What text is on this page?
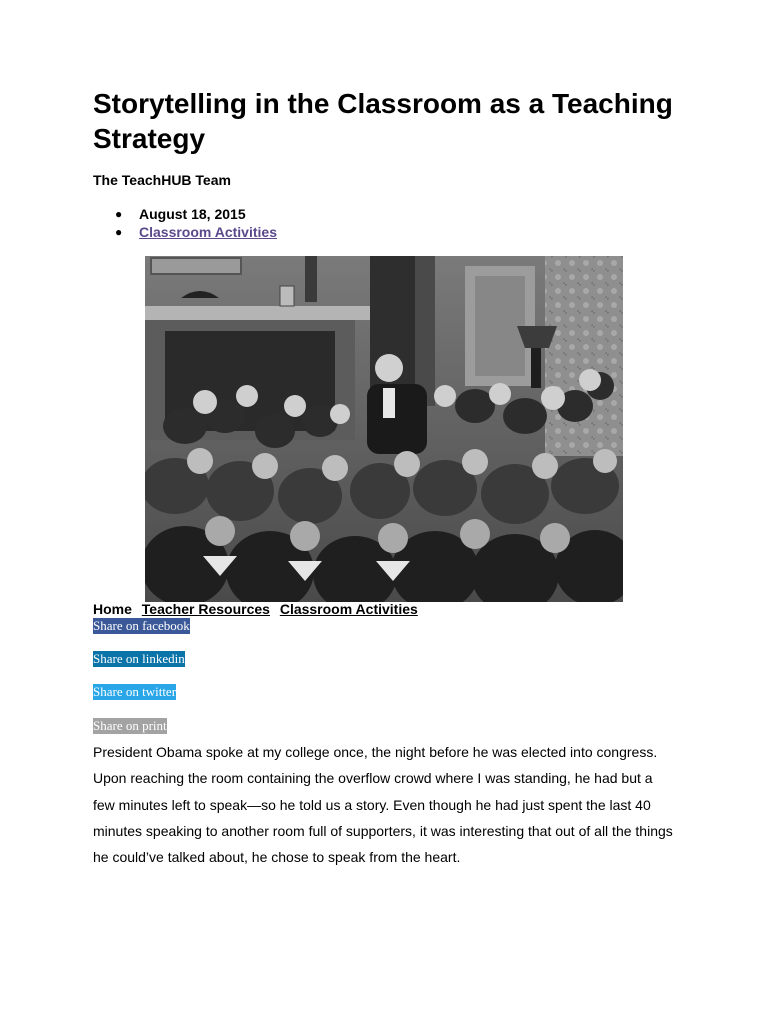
Storytelling in the Classroom as a Teaching Strategy

The TeachHUB Team

● August 18, 2015
● Classroom Activities
Home Teacher Resources Classroom Activities
Share on facebook
Share on linkedin
Share on twitter
Share on print

President Obama spoke at my college once, the night before he was elected into congress. Upon reaching the room containing the overflow crowd where I was standing, he had but a few minutes left to speak—so he told us a story. Even though he had just spent the last 40 minutes speaking to another room full of supporters, it was interesting that out of all the things he could’ve talked about, he chose to speak from the heart.
